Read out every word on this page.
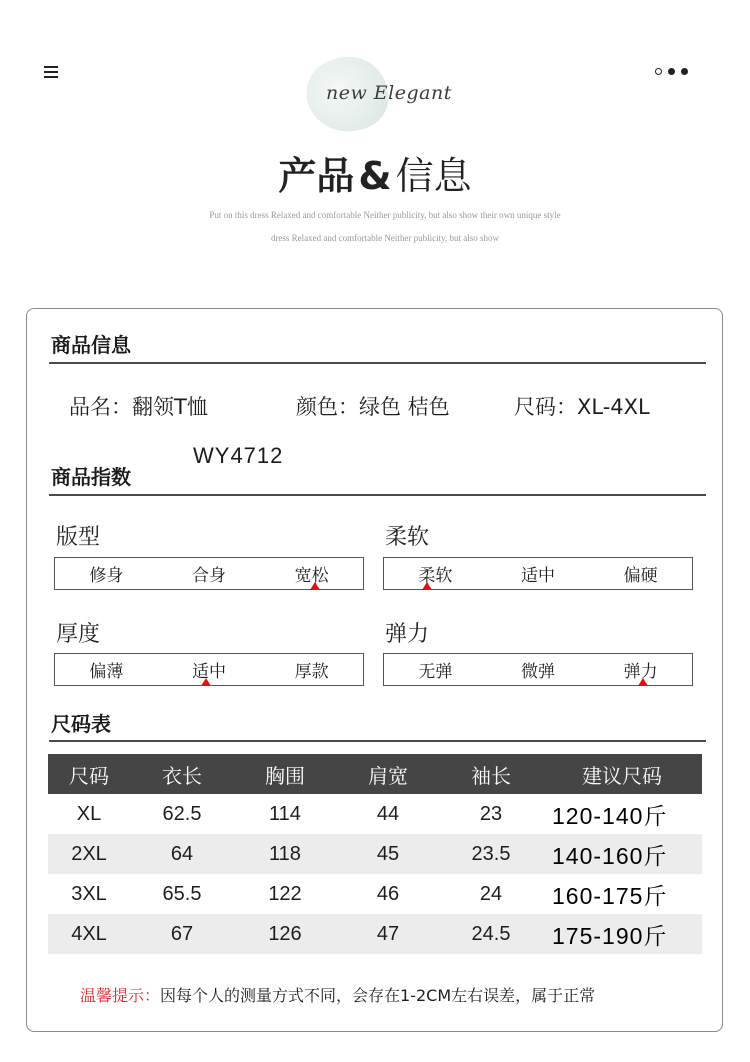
new Elegant
产品 & 信息
Put on this dress Relaxed and comfortable Neither publicity, but also show their own unique style
dress Relaxed and comfortable Neither publicity, but also show
商品信息
品名：翻领T恤	颜色：绿色 桔色	尺码：XL-4XL
WY4712
商品指数
版型
修身	合身	宽松
柔软
柔软	适中	偏硬
厚度
偏薄	适中	厚款
弹力
无弹	微弹	弹力
尺码表
尺码	衣长	胸围	肩宽	袖长	建议尺码
XL	62.5	114	44	23	120-140斤
2XL	64	118	45	23.5	140-160斤
3XL	65.5	122	46	24	160-175斤
4XL	67	126	47	24.5	175-190斤
温馨提示：因每个人的测量方式不同，会存在1-2CM左右误差，属于正常
